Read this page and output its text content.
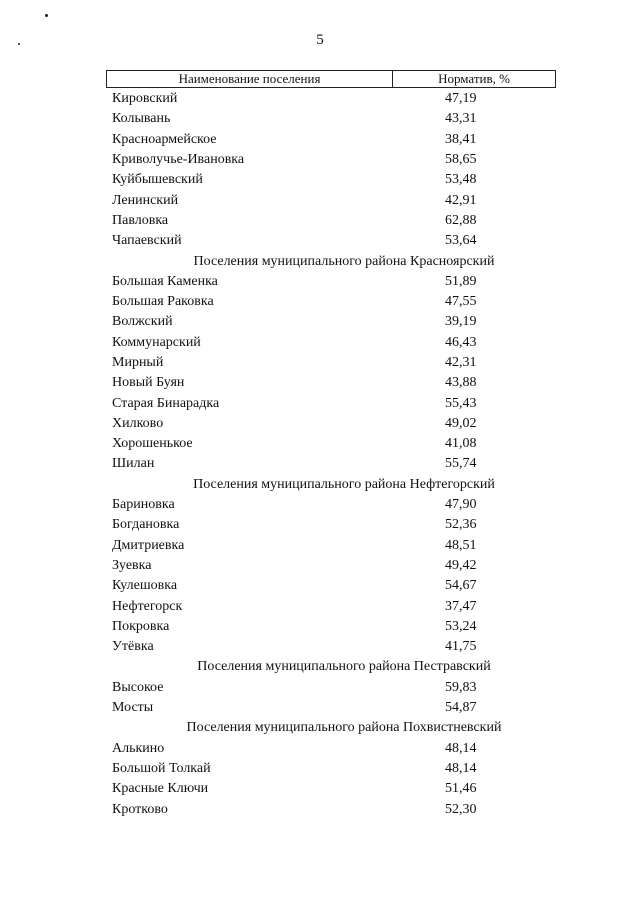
5
Наименование поселения	Норматив, %
Кировский	47,19
Колывань	43,31
Красноармейское	38,41
Криволучье-Ивановка	58,65
Куйбышевский	53,48
Ленинский	42,91
Павловка	62,88
Чапаевский	53,64
Поселения муниципального района Красноярский
Большая Каменка	51,89
Большая Раковка	47,55
Волжский	39,19
Коммунарский	46,43
Мирный	42,31
Новый Буян	43,88
Старая Бинарадка	55,43
Хилково	49,02
Хорошенькое	41,08
Шилан	55,74
Поселения муниципального района Нефтегорский
Бариновка	47,90
Богдановка	52,36
Дмитриевка	48,51
Зуевка	49,42
Кулешовка	54,67
Нефтегорск	37,47
Покровка	53,24
Утёвка	41,75
Поселения муниципального района Пестравский
Высокое	59,83
Мосты	54,87
Поселения муниципального района Похвистневский
Алькино	48,14
Большой Толкай	48,14
Красные Ключи	51,46
Кротково	52,30
